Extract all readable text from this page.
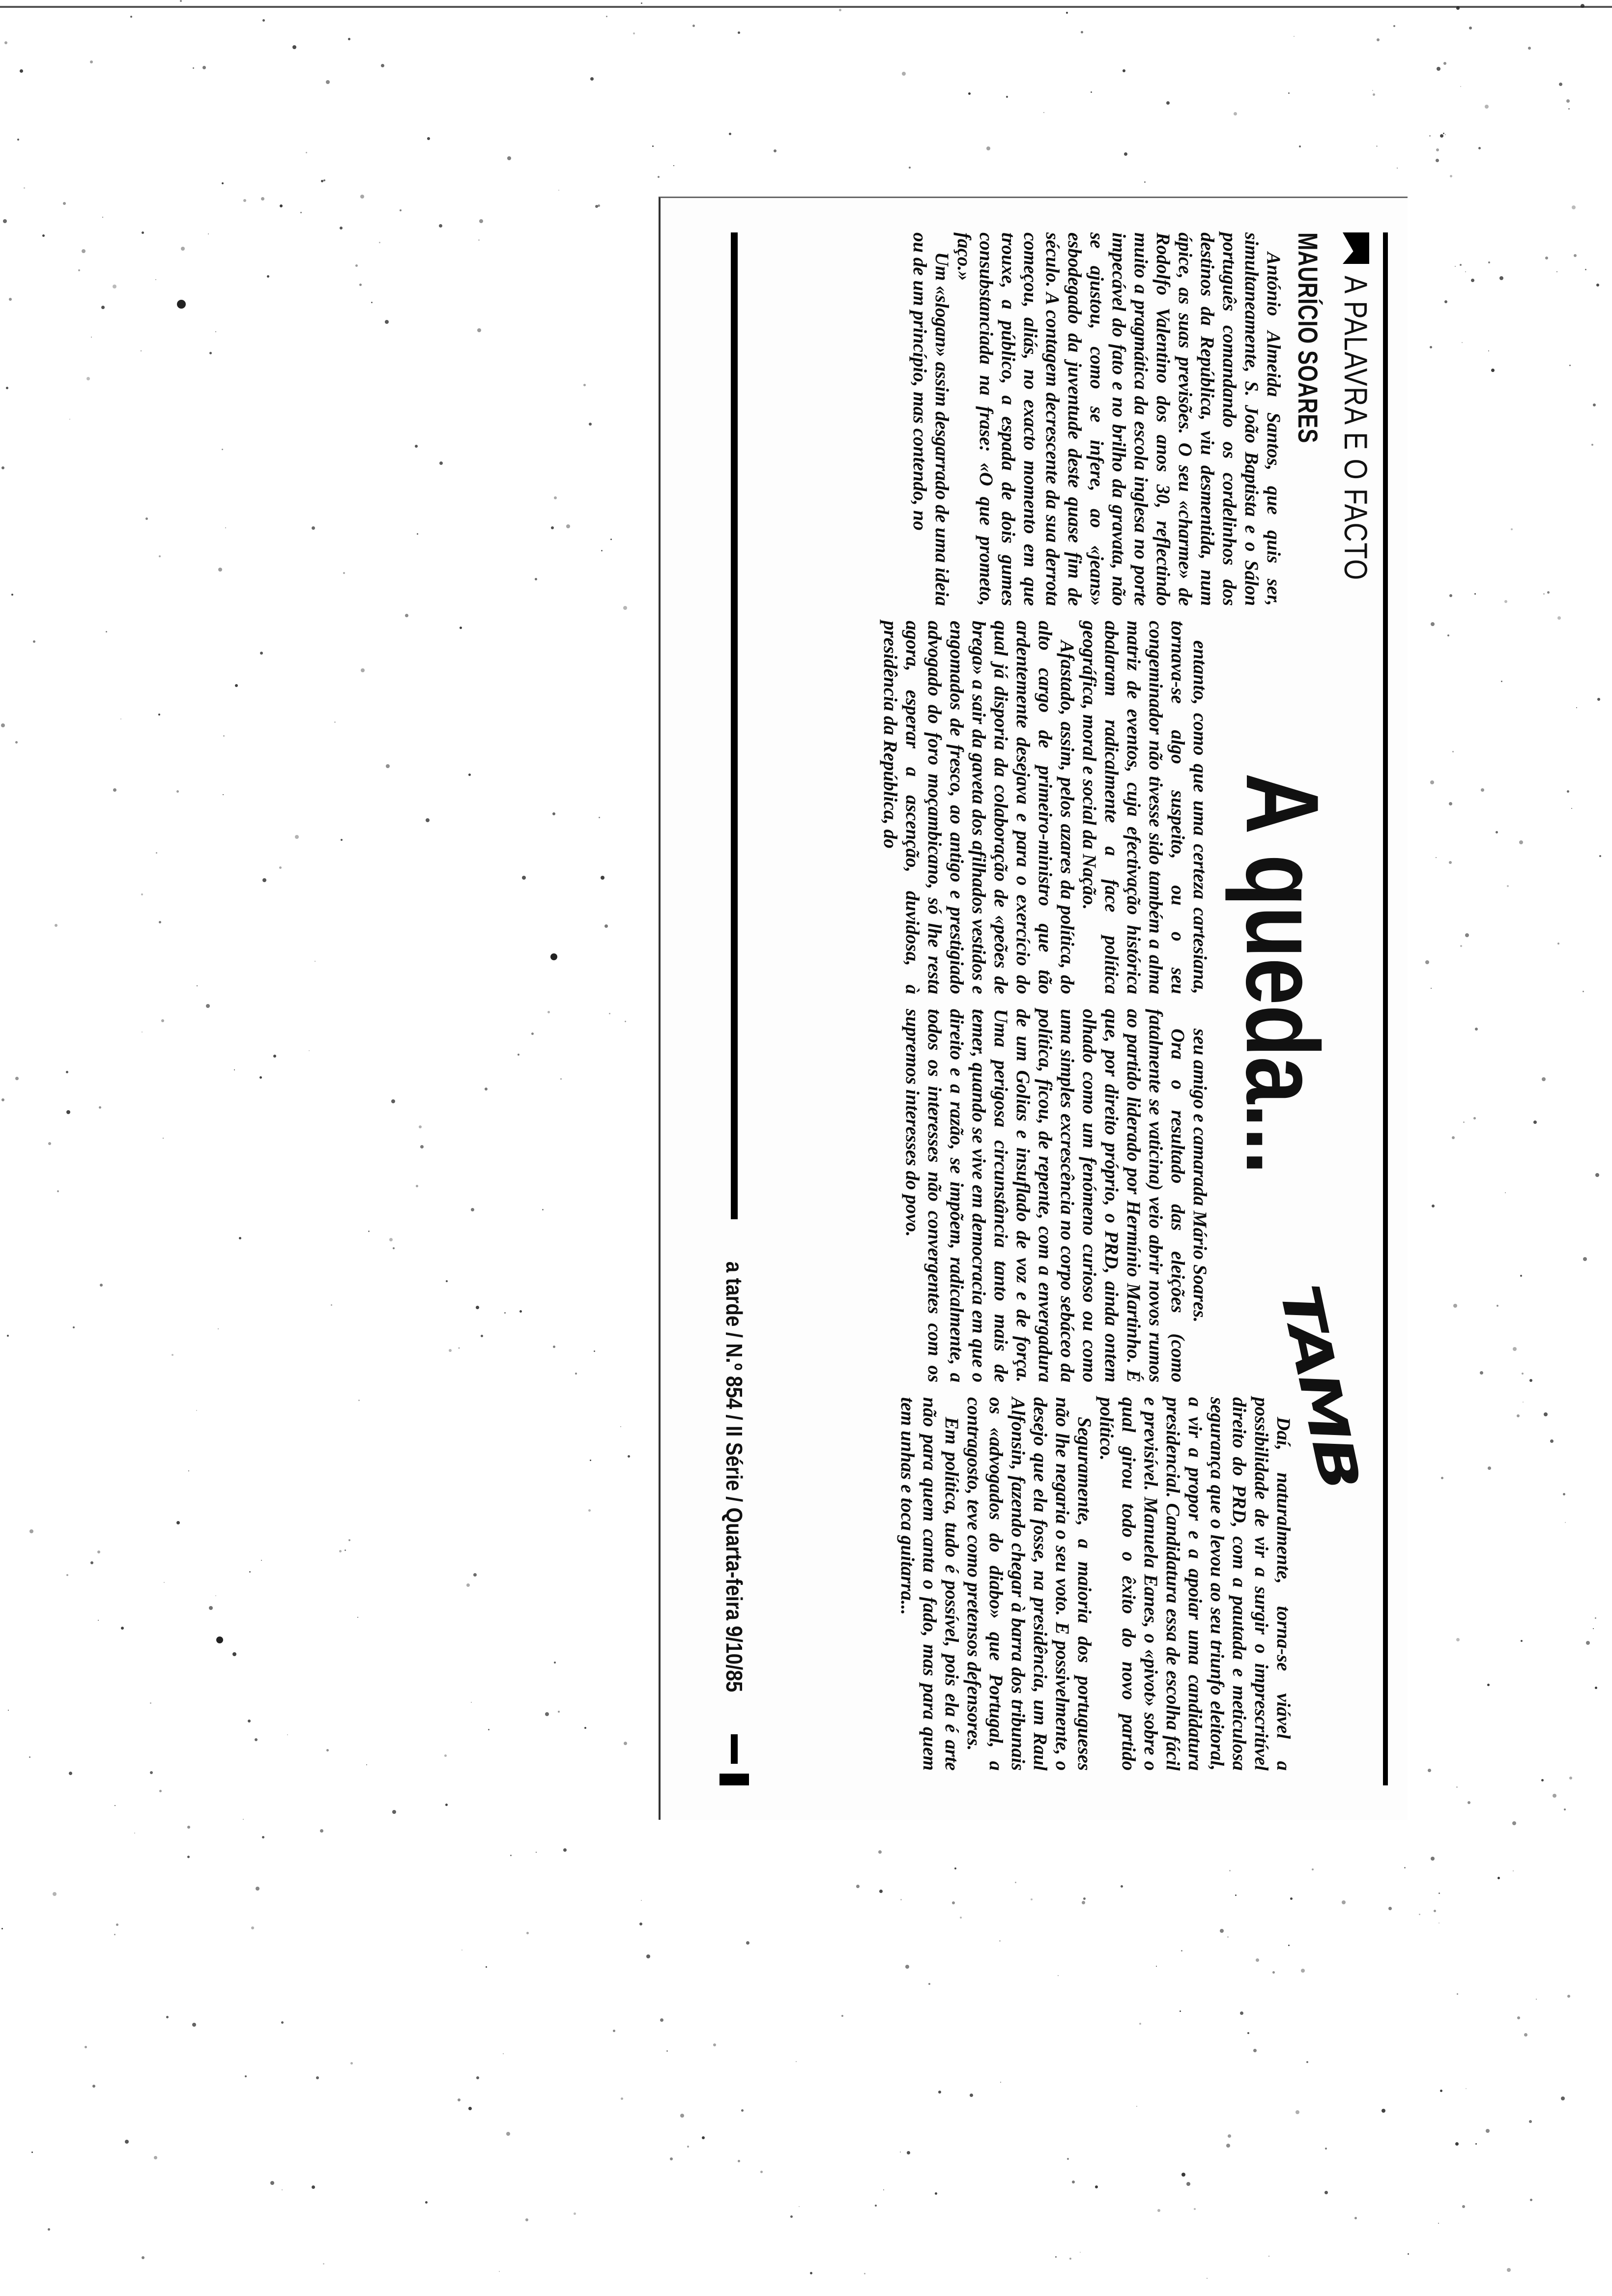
A PALAVRA E O FACTO
MAURÍCIO SOARES
A queda...
TAMB

António Almeida Santos, que quis ser, simultaneamente, S. João Baptista e o Sálon português comandando os cordelinhos dos destinos da República, viu desmentida, num ápice, as suas previsões. O seu «charme» de Rodolfo Valentino dos anos 30, reflectindo muito a pragmática da escola inglesa no porte impecável do fato e no brilho da gravata, não se ajustou, como se infere, ao «jeans» esbodegado da juventude deste quase fim de século. A contagem decrescente da sua derrota começou, aliás, no exacto momento em que trouxe, a público, a espada de dois gumes consubstanciada na frase: «O que prometo, faço.»

Um «slogan» assim desgarrado de uma ideia ou de um princípio, mas contendo, no

entanto, como que uma certeza cartesiana, tornava-se algo suspeito, ou o seu congeminador não tivesse sido também a alma matriz de eventos, cuja efectivação histórica abalaram radicalmente a face política geográfica, moral e social da Nação.

Afastado, assim, pelos azares da política, do alto cargo de primeiro-ministro que tão ardentemente desejava e para o exercício do qual já disporia da colaboração de «peões de brega» a sair da gaveta dos afilhados vestidos e engomados de fresco, ao antigo e prestigiado advogado do foro moçambicano, só lhe resta agora, esperar a ascenção, duvidosa, à presidência da República, do

seu amigo e camarada Mário Soares.

Ora o resultado das eleições (como fatalmente se vaticina) veio abrir novos rumos ao partido liderado por Hermínio Martinho. É que, por direito próprio, o PRD, ainda ontem olhado como um fenómeno curioso ou como uma simples excrescência no corpo sebáceo da política, ficou, de repente, com a envergadura de um Golias e insuflado de voz e de força. Uma perigosa circunstância tanto mais de temer, quando se vive em democracia em que o direito e a razão, se impõem, radicalmente, a todos os interesses não convergentes com os supremos interesses do povo.

Daí, naturalmente, torna-se viável a possibilidade de vir a surgir o imprescritível direito do PRD, com a pautada e meticulosa segurança que o levou ao seu triunfo eleitoral, a vir a propor e a apoiar uma candidatura presidencial. Candidatura essa de escolha fácil e previsível. Manuela Eanes, o «pivot» sobre o qual girou todo o êxito do novo partido político.

Seguramente, a maioria dos portugueses não lhe negaria o seu voto. E possivelmente, o desejo que ela fosse, na presidência, um Raul Alfonsin, fazendo chegar à barra dos tribunais os «advogados do diabo» que Portugal, a contragosto, teve como pretensos defensores.

Em política, tudo é possível, pois ela é arte não para quem canta o fado, mas para quem tem unhas e toca guitarra...

a tarde / N.º 854 / II Série / Quarta-feira 9/10/85
